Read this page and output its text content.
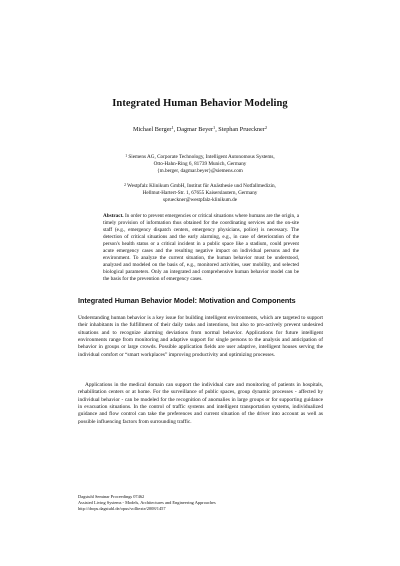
Integrated Human Behavior Modeling
Michael Berger$^1$, Dagmar Beyer$^1$, Stephan Prueckner$^2$
$^1$ Siemens AG, Corporate Technology, Intelligent Autonomous Systems,
Otto-Hahn-Ring 6, 81739 Munich, Germany
{m.berger, dagmar.beyer}@siemens.com
$^2$ Westpfalz Klinikum GmbH, Institut für Anästhesie und Notfallmedizin,
Hellmut-Hartert-Str. 1, 67655 Kaiserslautern, Germany
sprueckner@westpfalz-klinikum.de

Abstract. In order to prevent emergencies or critical situations where humans are the origin, a timely provision of information thus obtained for the coordinating services and the on-site staff (e.g., emergency dispatch centers, emergency physicians, police) is necessary. The detection of critical situations and the early alarming, e.g., in case of deterioration of the person's health status or a critical incident in a public space like a stadium, could prevent acute emergency cases and the resulting negative impact on individual persons and the environment. To analyze the current situation, the human behavior must be understood, analyzed and modeled on the basis of, e.g., monitored activities, user mobility, and selected biological parameters. Only an integrated and comprehensive human behavior model can be the basis for the prevention of emergency cases.

Integrated Human Behavior Model: Motivation and Components

Understanding human behavior is a key issue for building intelligent environments, which are targeted to support their inhabitants in the fulfillment of their daily tasks and intentions, but also to pro-actively prevent undesired situations and to recognize alarming deviations from normal behavior. Applications for future intelligent environments range from monitoring and adaptive support for single persons to the analysis and anticipation of behavior in groups or large crowds. Possible application fields are user adaptive, intelligent houses serving the individual comfort or “smart workplaces” improving productivity and optimizing processes.

Applications in the medical domain can support the individual care and monitoring of patients in hospitals, rehabilitation centers or at home. For the surveillance of public spaces, group dynamic processes - affected by individual behavior - can be modeled for the recognition of anomalies in large groups or for supporting guidance in evacuation situations. In the control of traffic systems and intelligent transportation systems, individualized guidance and flow control can take the preferences and current situation of the driver into account as well as possible influencing factors from surrounding traffic.

Dagstuhl Seminar Proceedings 07462
Assisted Living Systems - Models, Architectures and Engineering Approaches
http://drops.dagstuhl.de/opus/volltexte/2008/1457
